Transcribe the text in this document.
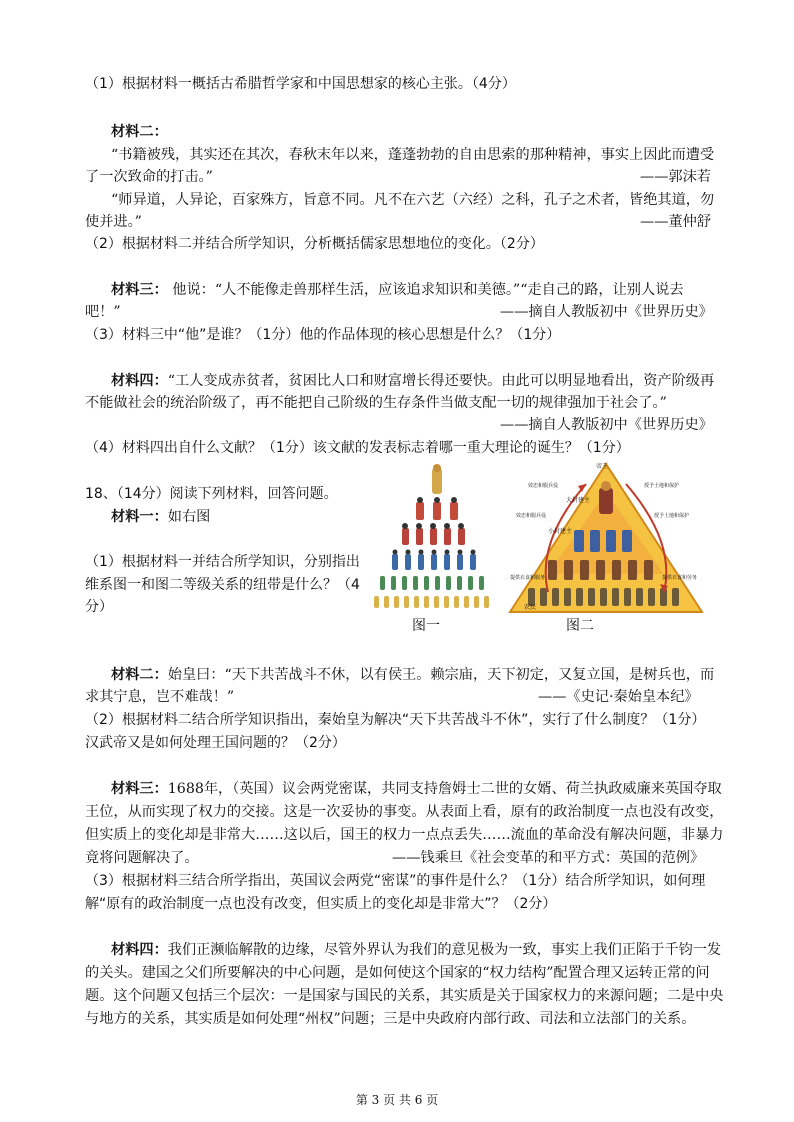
（1）根据材料一概括古希腊哲学家和中国思想家的核心主张。（4分）
材料二：
“书籍被残，其实还在其次，春秋末年以来，蓬蓬勃勃的自由思索的那种精神，事实上因此而遭受
了一次致命的打击。”	——郭沫若
“师异道，人异论，百家殊方，旨意不同。凡不在六艺（六经）之科，孔子之术者，皆绝其道，勿
使并进。”	——董仲舒
（2）根据材料二并结合所学知识，分析概括儒家思想地位的变化。（2分）
材料三： 他说：“人不能像走兽那样生活，应该追求知识和美德。”“走自己的路，让别人说去
吧！”	——摘自人教版初中《世界历史》
（3）材料三中“他”是谁？（1分）他的作品体现的核心思想是什么？（1分）
材料四：“工人变成赤贫者，贫困比人口和财富增长得还要快。由此可以明显地看出，资产阶级再
不能做社会的统治阶级了，再不能把自己阶级的生存条件当做支配一切的规律强加于社会了。”
——摘自人教版初中《世界历史》
（4）材料四出自什么文献？（1分）该文献的发表标志着哪一重大理论的诞生？（1分）
18、（14分）阅读下列材料，回答问题。
材料一：如右图
（1）根据材料一并结合所学知识，分别指出
维系图一和图二等级关系的纽带是什么？（4
分）
图一
帝王
大封建主
小封建主
农民
效忠和服兵役	授予土地和保护
效忠和服兵役	授予土地和保护
提供衣食和服务	提供衣食和劳务
图二
材料二：始皇曰：“天下共苦战斗不休，以有侯王。赖宗庙，天下初定，又复立国，是树兵也，而
求其宁息，岂不难哉！”	——《史记·秦始皇本纪》
（2）根据材料二结合所学知识指出，秦始皇为解决“天下共苦战斗不休”，实行了什么制度？（1分）
汉武帝又是如何处理王国问题的？（2分）
材料三：1688年，（英国）议会两党密谋，共同支持詹姆士二世的女婿、荷兰执政威廉来英国夺取
王位，从而实现了权力的交接。这是一次妥协的事变。从表面上看，原有的政治制度一点也没有改变，
但实质上的变化却是非常大……这以后，国王的权力一点点丢失……流血的革命没有解决问题，非暴力
竟将问题解决了。	——钱乘旦《社会变革的和平方式：英国的范例》
（3）根据材料三结合所学指出，英国议会两党“密谋”的事件是什么？（1分）结合所学知识，如何理
解“原有的政治制度一点也没有改变，但实质上的变化却是非常大”？（2分）
材料四：我们正濒临解散的边缘，尽管外界认为我们的意见极为一致，事实上我们正陷于千钧一发
的关头。建国之父们所要解决的中心问题，是如何使这个国家的“权力结构”配置合理又运转正常的问
题。这个问题又包括三个层次：一是国家与国民的关系，其实质是关于国家权力的来源问题；二是中央
与地方的关系，其实质是如何处理“州权”问题；三是中央政府内部行政、司法和立法部门的关系。
第 3 页 共 6 页
